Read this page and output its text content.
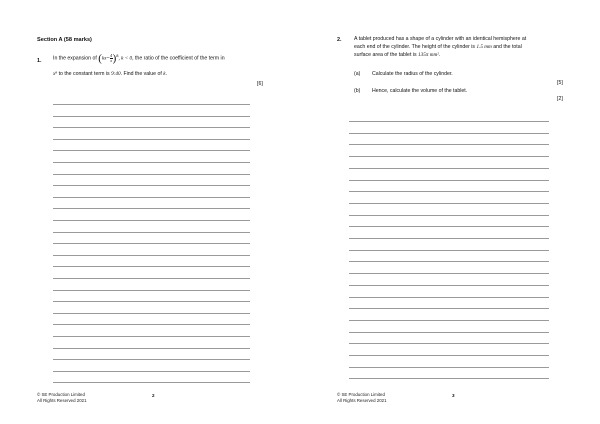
Section A (58 marks)
1. In the expansion of $(kx- \frac{4}{x} )^8$, k < 0, the ratio of the coefficient of the term in
x⁸ to the constant term is 9:40. Find the value of k.
[6]
© SE Production Limited
All Rights Reserved 2021
2
2. A tablet produced has a shape of a cylinder with an identical hemisphere at
each end of the cylinder. The height of the cylinder is 1.5 mm and the total
surface area of the tablet is 135π mm².
(a) Calculate the radius of the cylinder.
[5]
(b) Hence, calculate the volume of the tablet.
[2]
© SE Production Limited
All Rights Reserved 2021
3
